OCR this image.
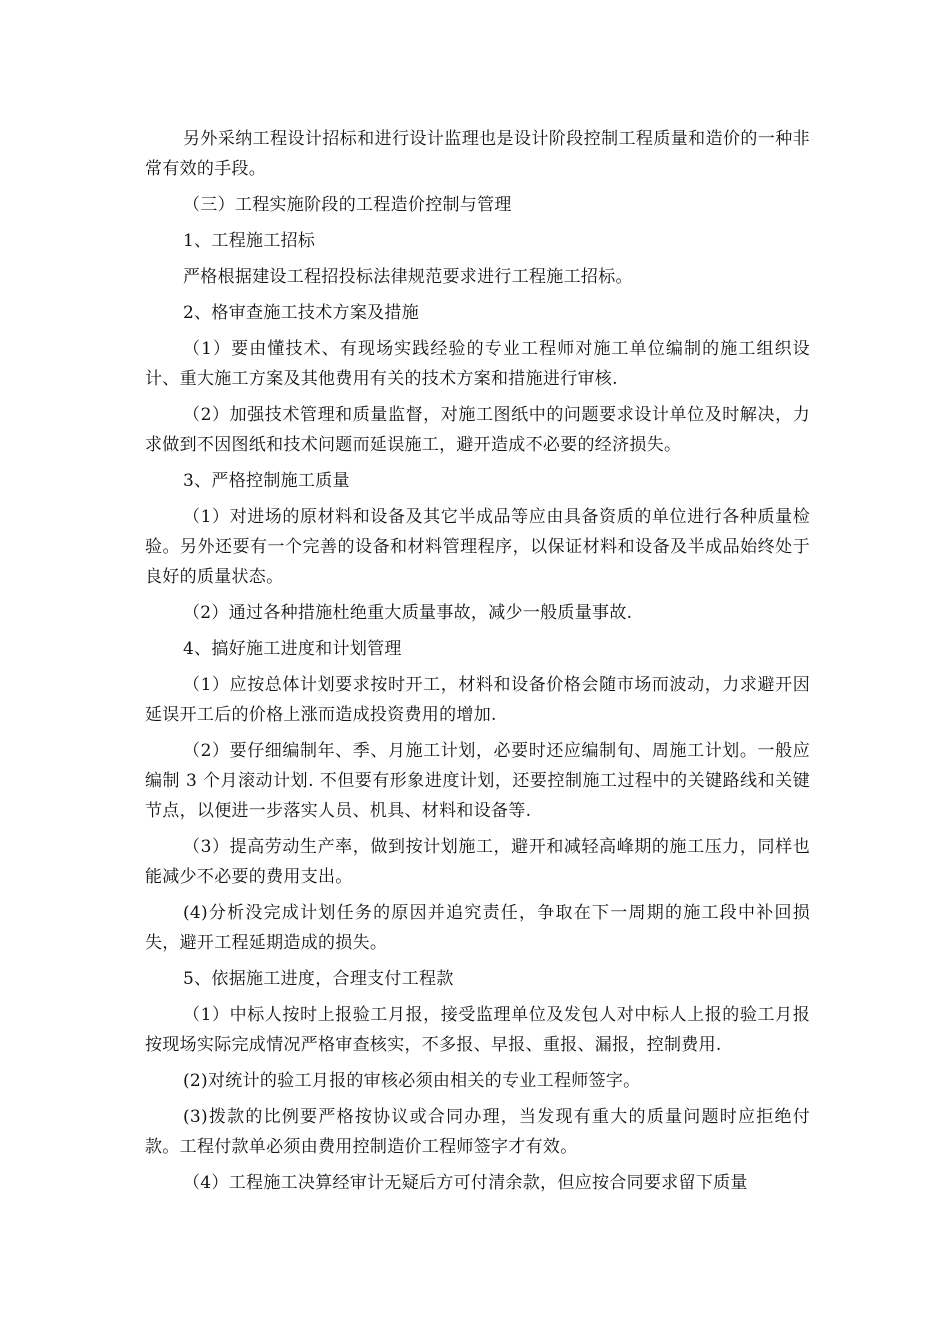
另外采纳工程设计招标和进行设计监理也是设计阶段控制工程质量和造价的一种非常有效的手段。

（三）工程实施阶段的工程造价控制与管理

1、工程施工招标

严格根据建设工程招投标法律规范要求进行工程施工招标。

2、格审查施工技术方案及措施

（1）要由懂技术、有现场实践经验的专业工程师对施工单位编制的施工组织设计、重大施工方案及其他费用有关的技术方案和措施进行审核.

（2）加强技术管理和质量监督，对施工图纸中的问题要求设计单位及时解决，力求做到不因图纸和技术问题而延误施工，避开造成不必要的经济损失。

3、严格控制施工质量

（1）对进场的原材料和设备及其它半成品等应由具备资质的单位进行各种质量检验。另外还要有一个完善的设备和材料管理程序，以保证材料和设备及半成品始终处于良好的质量状态。

（2）通过各种措施杜绝重大质量事故，减少一般质量事故.

4、搞好施工进度和计划管理

（1）应按总体计划要求按时开工，材料和设备价格会随市场而波动，力求避开因延误开工后的价格上涨而造成投资费用的增加.

（2）要仔细编制年、季、月施工计划，必要时还应编制旬、周施工计划。一般应编制 3 个月滚动计划. 不但要有形象进度计划，还要控制施工过程中的关键路线和关键节点，以便进一步落实人员、机具、材料和设备等.

（3）提高劳动生产率，做到按计划施工，避开和减轻高峰期的施工压力，同样也能减少不必要的费用支出。

(4)分析没完成计划任务的原因并追究责任，争取在下一周期的施工段中补回损失，避开工程延期造成的损失。

5、依据施工进度，合理支付工程款

（1）中标人按时上报验工月报，接受监理单位及发包人对中标人上报的验工月报按现场实际完成情况严格审查核实，不多报、早报、重报、漏报，控制费用.

(2)对统计的验工月报的审核必须由相关的专业工程师签字。

(3)拨款的比例要严格按协议或合同办理，当发现有重大的质量问题时应拒绝付款。工程付款单必须由费用控制造价工程师签字才有效。

（4）工程施工决算经审计无疑后方可付清余款，但应按合同要求留下质量
